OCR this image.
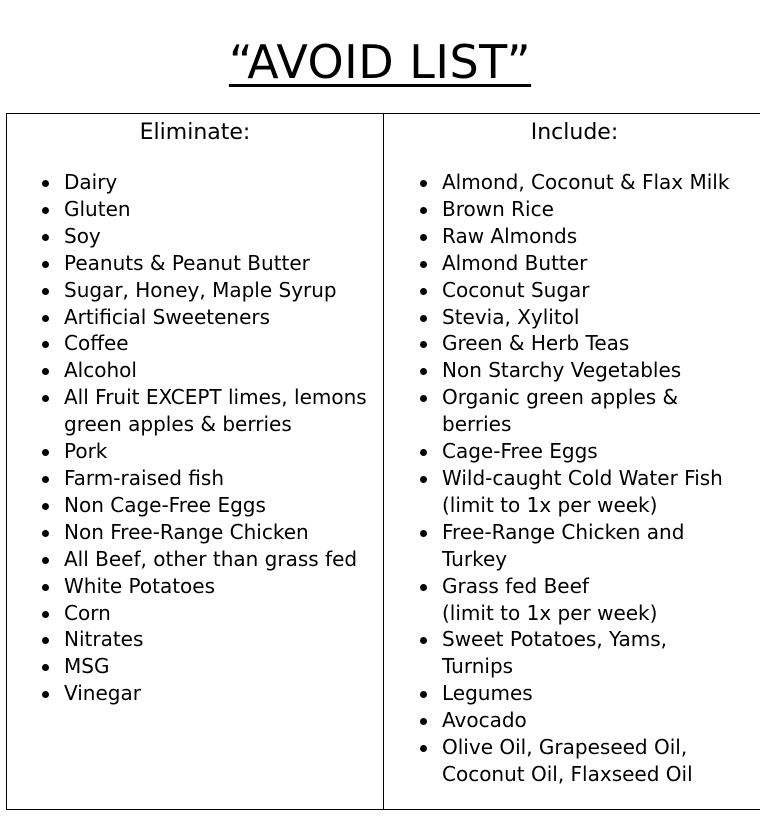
“AVOID LIST”
Eliminate:
Dairy
Gluten
Soy
Peanuts & Peanut Butter
Sugar, Honey, Maple Syrup
Artificial Sweeteners
Coffee
Alcohol
All Fruit EXCEPT limes, lemons
green apples & berries
Pork
Farm-raised fish
Non Cage-Free Eggs
Non Free-Range Chicken
All Beef, other than grass fed
White Potatoes
Corn
Nitrates
MSG
Vinegar
Include:
Almond, Coconut & Flax Milk
Brown Rice
Raw Almonds
Almond Butter
Coconut Sugar
Stevia, Xylitol
Green & Herb Teas
Non Starchy Vegetables
Organic green apples &
berries
Cage-Free Eggs
Wild-caught Cold Water Fish
(limit to 1x per week)
Free-Range Chicken and
Turkey
Grass fed Beef
(limit to 1x per week)
Sweet Potatoes, Yams,
Turnips
Legumes
Avocado
Olive Oil, Grapeseed Oil,
Coconut Oil, Flaxseed Oil
